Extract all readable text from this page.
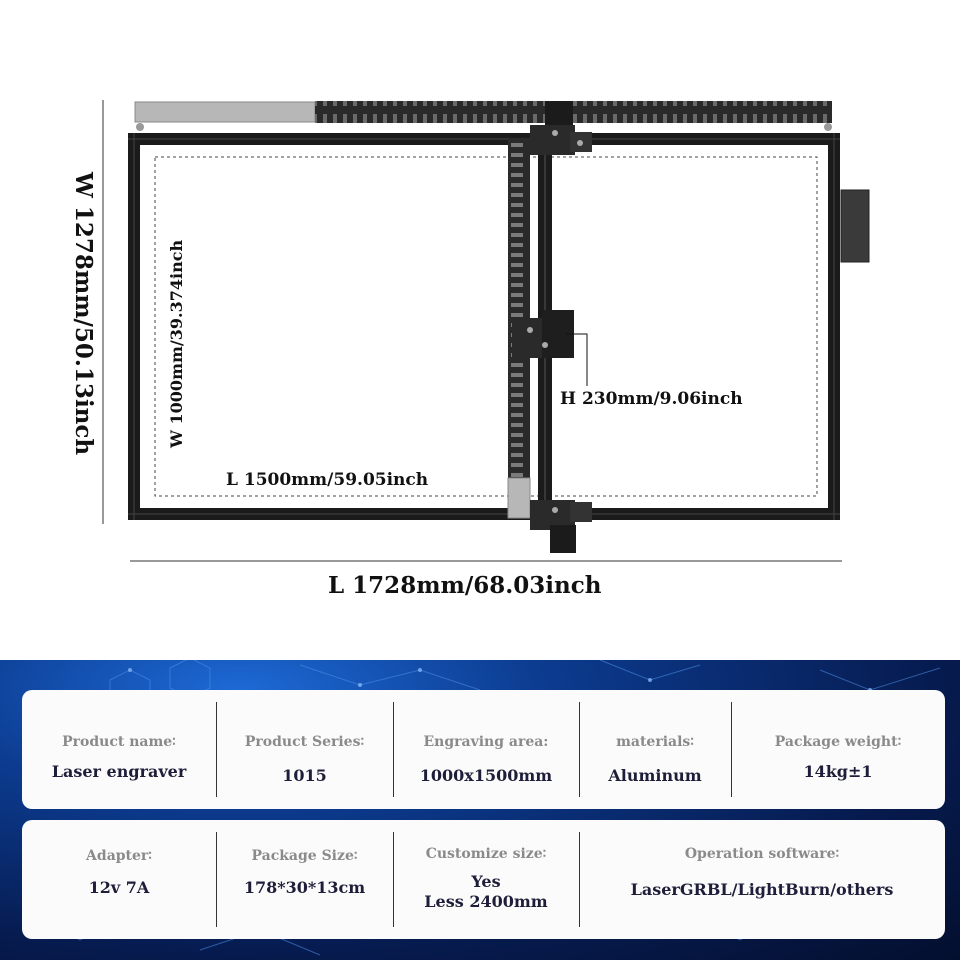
W 1278mm/50.13inch	W 1000mm/39.374inch
L 1500mm/59.05inch
H 230mm/9.06inch
L 1728mm/68.03inch
Product name∶
Laser engraver
Product Series∶
1015
Engraving area:
1000x1500mm
materials∶
Aluminum
Package weight∶
14kg±1
Adapter∶
12v 7A
Package Size∶
178*30*13cm
Customize size∶
Yes
Less 2400mm
Operation software∶
LaserGRBL/LightBurn/others
